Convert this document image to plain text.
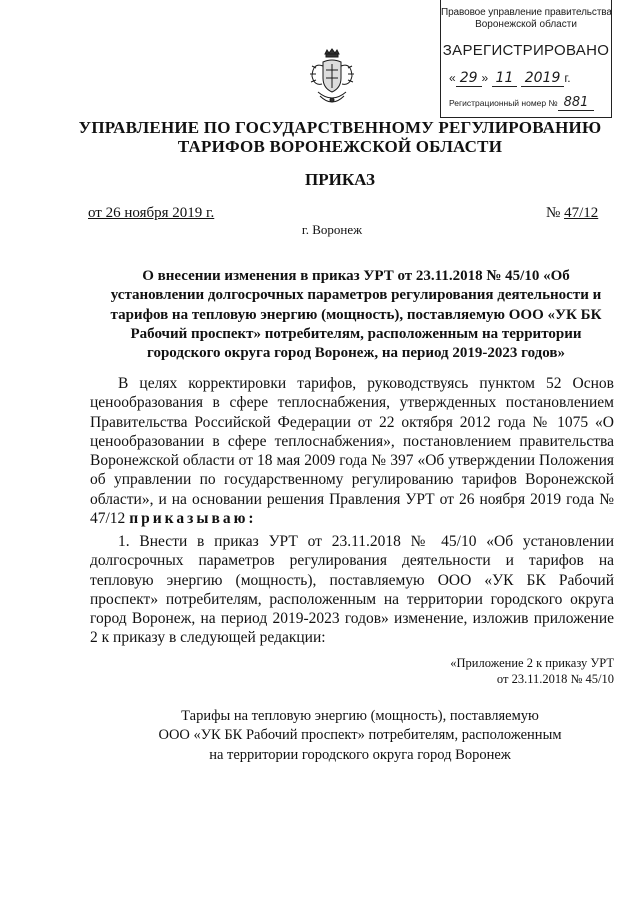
Правовое управление правительства
Воронежской области
ЗАРЕГИСТРИРОВАНО
« 29 » 11 2019 г.
Регистрационный номер № 881
УПРАВЛЕНИЕ ПО ГОСУДАРСТВЕННОМУ РЕГУЛИРОВАНИЮ
ТАРИФОВ ВОРОНЕЖСКОЙ ОБЛАСТИ
ПРИКАЗ
от 26 ноября 2019 г.	№ 47/12
г. Воронеж
О внесении изменения в приказ УРТ от 23.11.2018 № 45/10 «Об установлении долгосрочных параметров регулирования деятельности и тарифов на тепловую энергию (мощность), поставляемую ООО «УК БК Рабочий проспект» потребителям, расположенным на территории городского округа город Воронеж, на период 2019-2023 годов»
В целях корректировки тарифов, руководствуясь пунктом 52 Основ ценообразования в сфере теплоснабжения, утвержденных постановлением Правительства Российской Федерации от 22 октября 2012 года № 1075 «О ценообразовании в сфере теплоснабжения», постановлением правительства Воронежской области от 18 мая 2009 года № 397 «Об утверждении Положения об управлении по государственному регулированию тарифов Воронежской области», и на основании решения Правления УРТ от 26 ноября 2019 года № 47/12 приказываю:
1. Внести в приказ УРТ от 23.11.2018 № 45/10 «Об установлении долгосрочных параметров регулирования деятельности и тарифов на тепловую энергию (мощность), поставляемую ООО «УК БК Рабочий проспект» потребителям, расположенным на территории городского округа город Воронеж, на период 2019-2023 годов» изменение, изложив приложение 2 к приказу в следующей редакции:
«Приложение 2 к приказу УРТ
от 23.11.2018 № 45/10
Тарифы на тепловую энергию (мощность), поставляемую
ООО «УК БК Рабочий проспект» потребителям, расположенным
на территории городского округа город Воронеж
